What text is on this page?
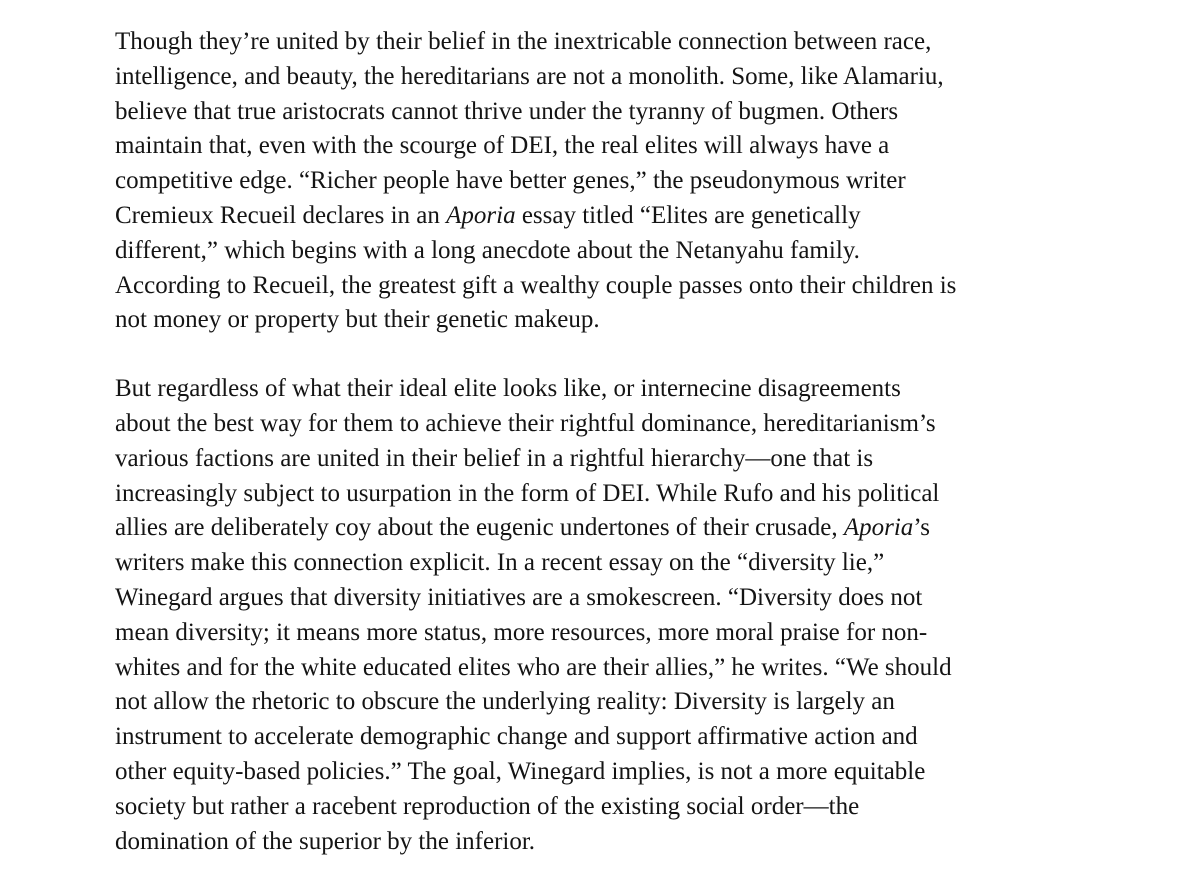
Though they’re united by their belief in the inextricable connection between race,
intelligence, and beauty, the hereditarians are not a monolith. Some, like Alamariu,
believe that true aristocrats cannot thrive under the tyranny of bugmen. Others
maintain that, even with the scourge of DEI, the real elites will always have a
competitive edge. “Richer people have better genes,” the pseudonymous writer
Cremieux Recueil declares in an Aporia essay titled “Elites are genetically
different,” which begins with a long anecdote about the Netanyahu family.
According to Recueil, the greatest gift a wealthy couple passes onto their children is
not money or property but their genetic makeup.

But regardless of what their ideal elite looks like, or internecine disagreements
about the best way for them to achieve their rightful dominance, hereditarianism’s
various factions are united in their belief in a rightful hierarchy—one that is
increasingly subject to usurpation in the form of DEI. While Rufo and his political
allies are deliberately coy about the eugenic undertones of their crusade, Aporia’s
writers make this connection explicit. In a recent essay on the “diversity lie,”
Winegard argues that diversity initiatives are a smokescreen. “Diversity does not
mean diversity; it means more status, more resources, more moral praise for non-
whites and for the white educated elites who are their allies,” he writes. “We should
not allow the rhetoric to obscure the underlying reality: Diversity is largely an
instrument to accelerate demographic change and support affirmative action and
other equity-based policies.” The goal, Winegard implies, is not a more equitable
society but rather a racebent reproduction of the existing social order—the
domination of the superior by the inferior.
